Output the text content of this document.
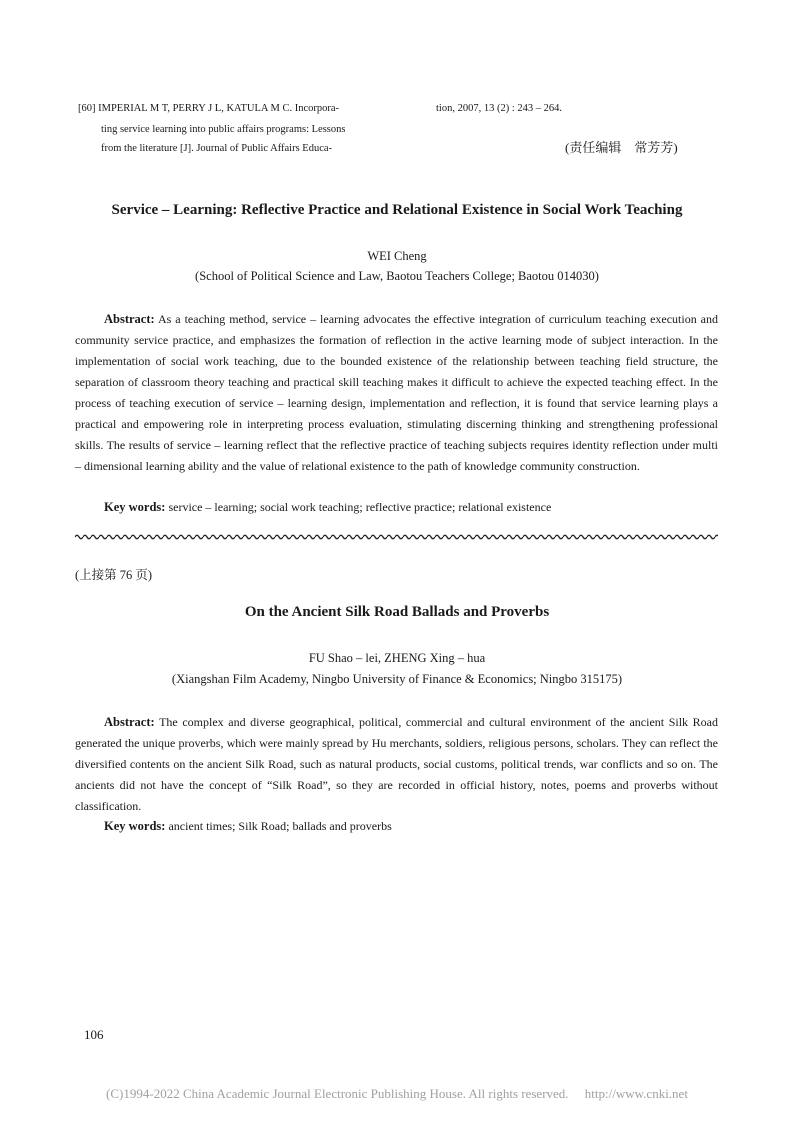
[60] IMPERIAL M T, PERRY J L, KATULA M C. Incorpora-
ting service learning into public affairs programs: Lessons
from the literature [J]. Journal of Public Affairs Educa-
tion, 2007, 13 (2) : 243 – 264.
(责任编辑　常芳芳)
Service – Learning: Reflective Practice and Relational Existence in Social Work Teaching
WEI Cheng
(School of Political Science and Law, Baotou Teachers College; Baotou 014030)

Abstract: As a teaching method, service – learning advocates the effective integration of curriculum teaching execution and community service practice, and emphasizes the formation of reflection in the active learning mode of subject interaction. In the implementation of social work teaching, due to the bounded existence of the relationship between teaching field structure, the separation of classroom theory teaching and practical skill teaching makes it difficult to achieve the expected teaching effect. In the process of teaching execution of service – learning design, implementation and reflection, it is found that service learning plays a practical and empowering role in interpreting process evaluation, stimulating discerning thinking and strengthening professional skills. The results of service – learning reflect that the reflective practice of teaching subjects requires identity reflection under multi – dimensional learning ability and the value of relational existence to the path of knowledge community construction.

Key words: service – learning; social work teaching; reflective practice; relational existence
(上接第 76 页)
On the Ancient Silk Road Ballads and Proverbs
FU Shao – lei, ZHENG Xing – hua
(Xiangshan Film Academy, Ningbo University of Finance & Economics; Ningbo 315175)

Abstract: The complex and diverse geographical, political, commercial and cultural environment of the ancient Silk Road generated the unique proverbs, which were mainly spread by Hu merchants, soldiers, religious persons, scholars. They can reflect the diversified contents on the ancient Silk Road, such as natural products, social customs, political trends, war conflicts and so on. The ancients did not have the concept of “Silk Road”, so they are recorded in official history, notes, poems and proverbs without classification.

Key words: ancient times; Silk Road; ballads and proverbs
106
(C)1994-2022 China Academic Journal Electronic Publishing House. All rights reserved.　 http://www.cnki.net
